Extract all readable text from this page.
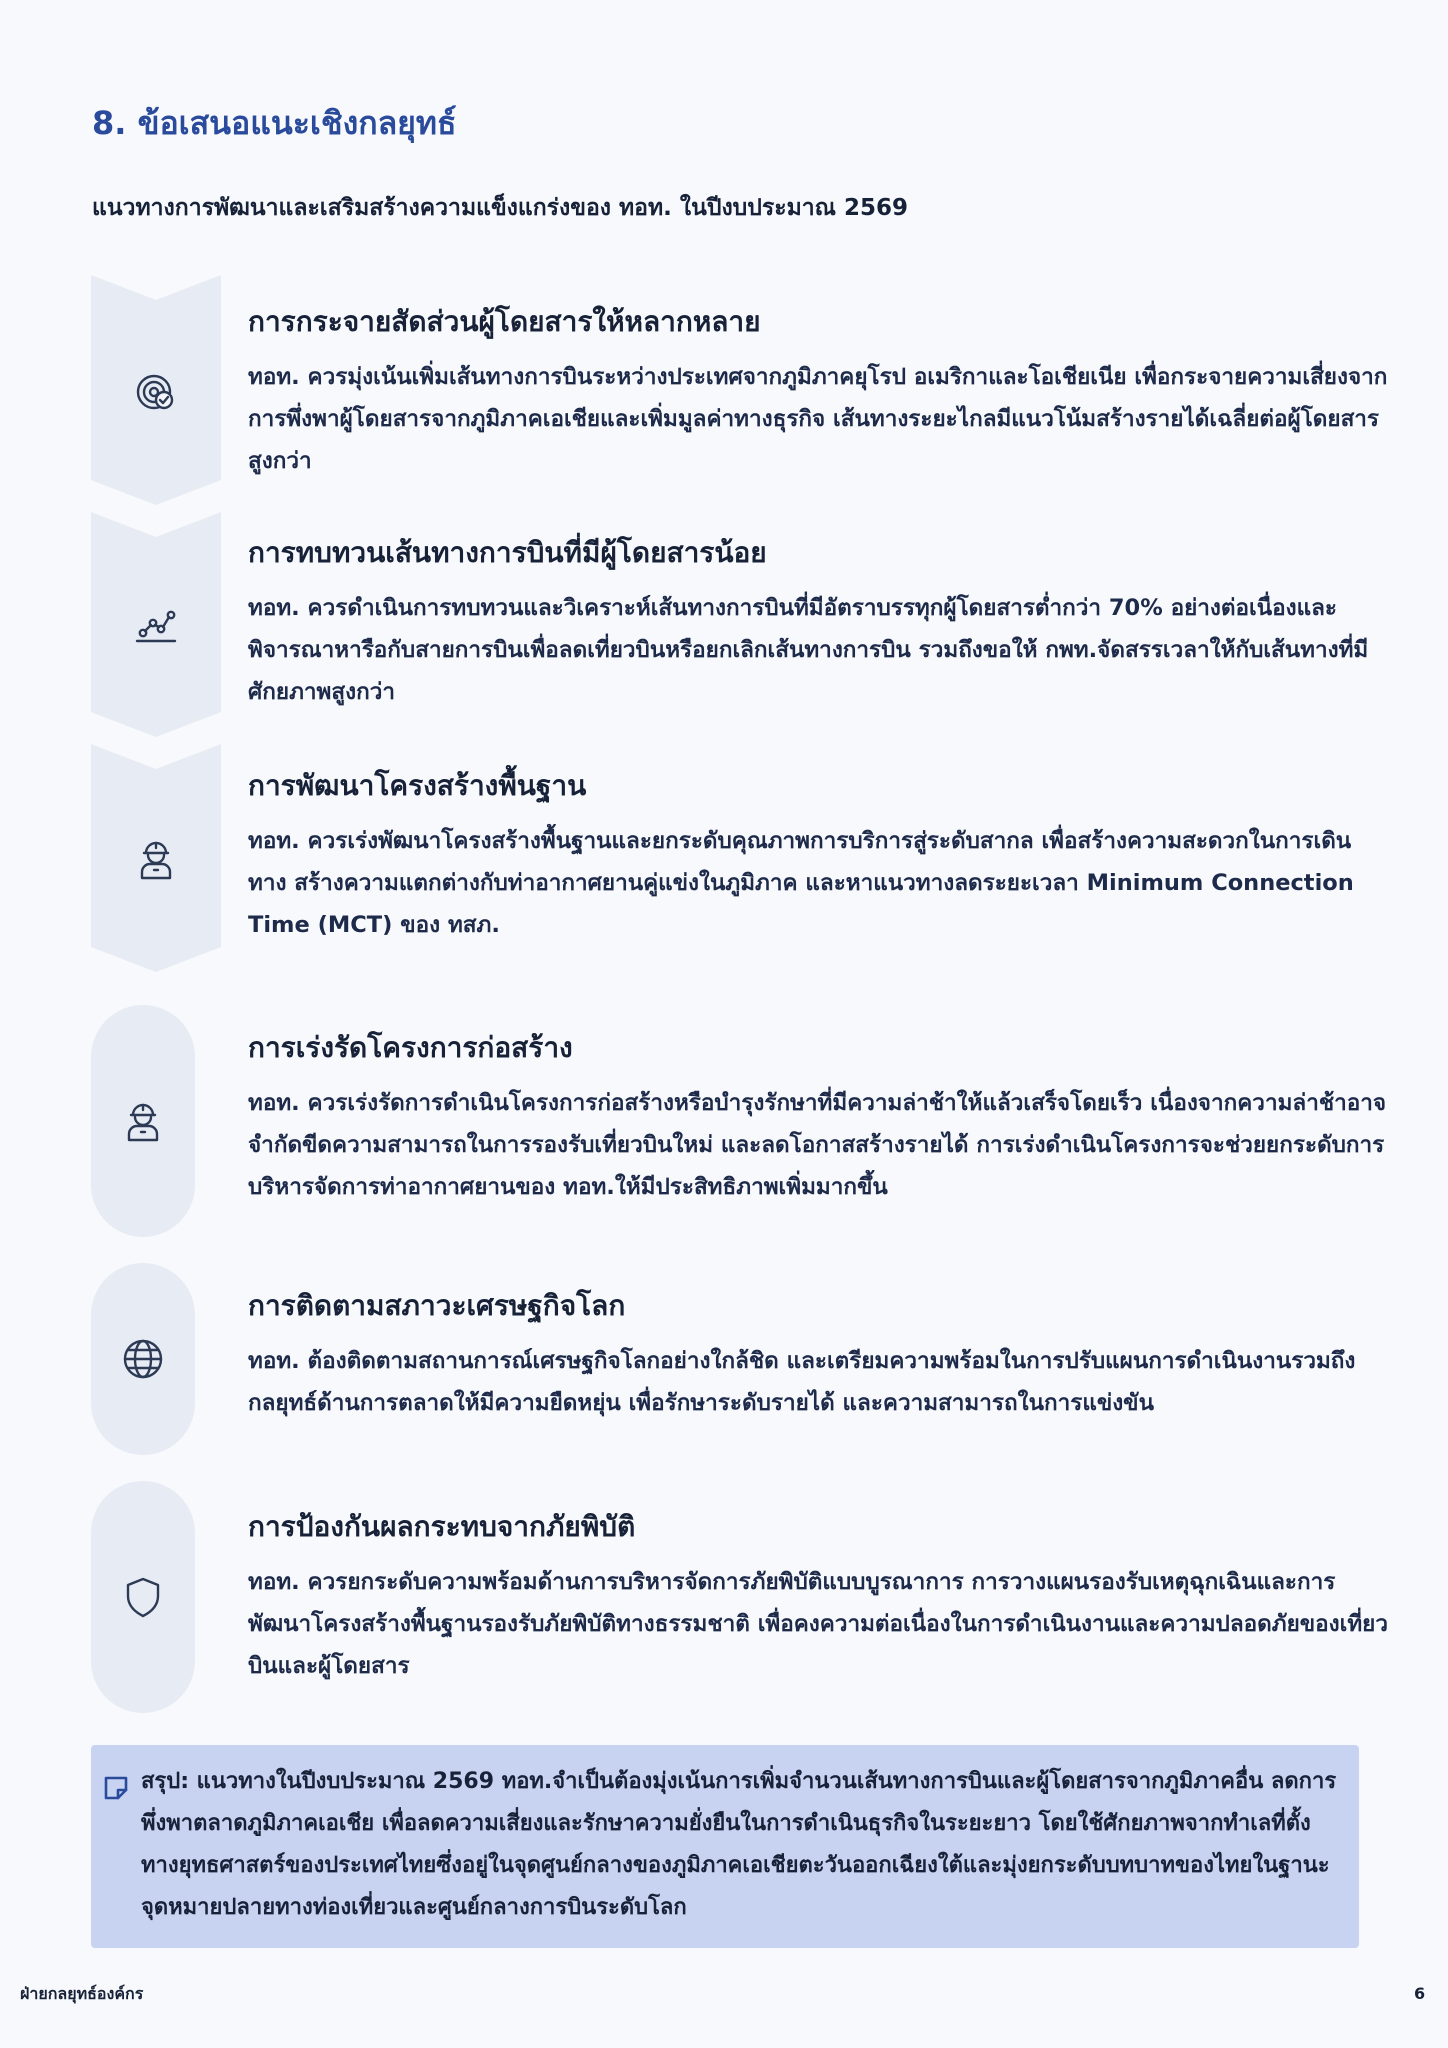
8. ข้อเสนอแนะเชิงกลยุทธ์

แนวทางการพัฒนาและเสริมสร้างความแข็งแกร่งของ ทอท. ในปีงบประมาณ 2569

การกระจายสัดส่วนผู้โดยสารให้หลากหลาย

ทอท. ควรมุ่งเน้นเพิ่มเส้นทางการบินระหว่างประเทศจากภูมิภาคยุโรป อเมริกาและโอเชียเนีย เพื่อกระจายความเสี่ยงจากการพึ่งพาผู้โดยสารจากภูมิภาคเอเชียและเพิ่มมูลค่าทางธุรกิจ เส้นทางระยะไกลมีแนวโน้มสร้างรายได้เฉลี่ยต่อผู้โดยสารสูงกว่า

การทบทวนเส้นทางการบินที่มีผู้โดยสารน้อย

ทอท. ควรดำเนินการทบทวนและวิเคราะห์เส้นทางการบินที่มีอัตราบรรทุกผู้โดยสารต่ำกว่า 70% อย่างต่อเนื่องและพิจารณาหารือกับสายการบินเพื่อลดเที่ยวบินหรือยกเลิกเส้นทางการบิน รวมถึงขอให้ กพท.จัดสรรเวลาให้กับเส้นทางที่มีศักยภาพสูงกว่า

การพัฒนาโครงสร้างพื้นฐาน

ทอท. ควรเร่งพัฒนาโครงสร้างพื้นฐานและยกระดับคุณภาพการบริการสู่ระดับสากล เพื่อสร้างความสะดวกในการเดินทาง สร้างความแตกต่างกับท่าอากาศยานคู่แข่งในภูมิภาค และหาแนวทางลดระยะเวลา Minimum Connection Time (MCT) ของ ทสภ.

การเร่งรัดโครงการก่อสร้าง

ทอท. ควรเร่งรัดการดำเนินโครงการก่อสร้างหรือบำรุงรักษาที่มีความล่าช้าให้แล้วเสร็จโดยเร็ว เนื่องจากความล่าช้าอาจจำกัดขีดความสามารถในการรองรับเที่ยวบินใหม่ และลดโอกาสสร้างรายได้ การเร่งดำเนินโครงการจะช่วยยกระดับการบริหารจัดการท่าอากาศยานของ ทอท.ให้มีประสิทธิภาพเพิ่มมากขึ้น

การติดตามสภาวะเศรษฐกิจโลก

ทอท. ต้องติดตามสถานการณ์เศรษฐกิจโลกอย่างใกล้ชิด และเตรียมความพร้อมในการปรับแผนการดำเนินงานรวมถึงกลยุทธ์ด้านการตลาดให้มีความยืดหยุ่น เพื่อรักษาระดับรายได้ และความสามารถในการแข่งขัน

การป้องกันผลกระทบจากภัยพิบัติ

ทอท. ควรยกระดับความพร้อมด้านการบริหารจัดการภัยพิบัติแบบบูรณาการ การวางแผนรองรับเหตุฉุกเฉินและการพัฒนาโครงสร้างพื้นฐานรองรับภัยพิบัติทางธรรมชาติ เพื่อคงความต่อเนื่องในการดำเนินงานและความปลอดภัยของเที่ยวบินและผู้โดยสาร

สรุป: แนวทางในปีงบประมาณ 2569 ทอท.จำเป็นต้องมุ่งเน้นการเพิ่มจำนวนเส้นทางการบินและผู้โดยสารจากภูมิภาคอื่น ลดการพึ่งพาตลาดภูมิภาคเอเชีย เพื่อลดความเสี่ยงและรักษาความยั่งยืนในการดำเนินธุรกิจในระยะยาว โดยใช้ศักยภาพจากทำเลที่ตั้งทางยุทธศาสตร์ของประเทศไทยซึ่งอยู่ในจุดศูนย์กลางของภูมิภาคเอเชียตะวันออกเฉียงใต้และมุ่งยกระดับบทบาทของไทยในฐานะจุดหมายปลายทางท่องเที่ยวและศูนย์กลางการบินระดับโลก

ฝ่ายกลยุทธ์องค์กร	6
